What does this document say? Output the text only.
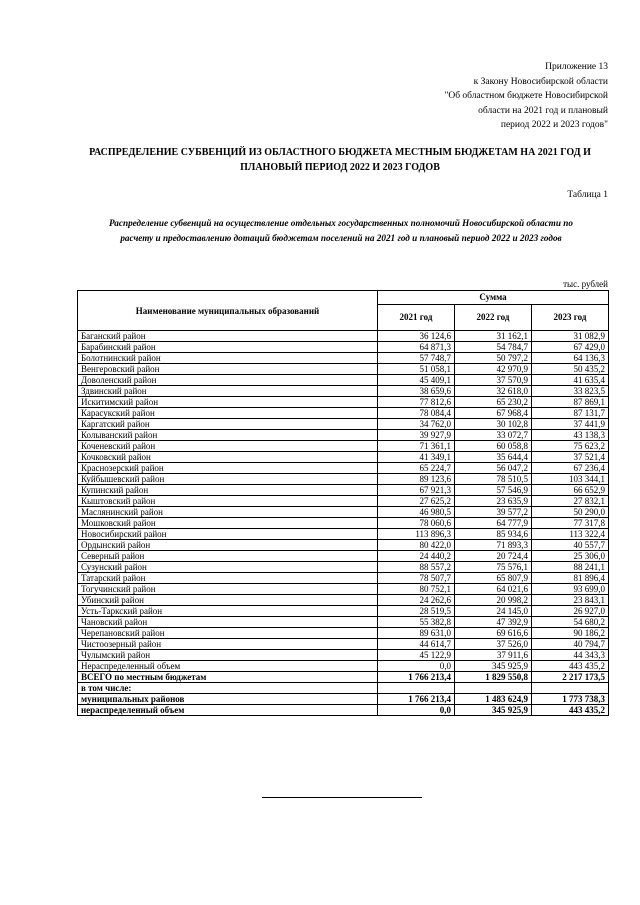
Приложение 13
к Закону Новосибирской области
"Об областном бюджете Новосибирской
области на 2021 год и плановый
период 2022 и 2023 годов"
РАСПРЕДЕЛЕНИЕ СУБВЕНЦИЙ ИЗ ОБЛАСТНОГО БЮДЖЕТА МЕСТНЫМ БЮДЖЕТАМ НА 2021 ГОД И
ПЛАНОВЫЙ ПЕРИОД 2022 И 2023 ГОДОВ
Таблица 1
Распределение субвенций на осуществление отдельных государственных полномочий Новосибирской области по
расчету и предоставлению дотаций бюджетам поселений на 2021 год и плановый период 2022 и 2023 годов
тыс. рублей
Наименование муниципальных образований	Сумма		
	2021 год	2022 год	2023 год
Баганский район	36 124,6	31 162,1	31 082,9
Барабинский район	64 871,3	54 784,7	67 429,0
Болотнинский район	57 748,7	50 797,2	64 136,3
Венгеровский район	51 058,1	42 970,9	50 435,2
Доволенский район	45 409,1	37 570,9	41 635,4
Здвинский район	38 659,6	32 618,0	33 823,5
Искитимский район	77 812,6	65 230,2	87 869,1
Карасукский район	78 084,4	67 968,4	87 131,7
Каргатский район	34 762,0	30 102,8	37 441,9
Колыванский район	39 927,9	33 072,7	43 138,3
Коченевский район	71 361,1	60 058,8	75 623,2
Кочковский район	41 349,1	35 644,4	37 521,4
Краснозерский район	65 224,7	56 047,2	67 236,4
Куйбышевский район	89 123,6	78 510,5	103 344,1
Купинский район	67 921,3	57 546,9	66 652,9
Кыштовский район	27 625,2	23 635,9	27 832,1
Маслянинский район	46 980,5	39 577,2	50 290,0
Мошковский район	78 060,6	64 777,9	77 317,8
Новосибирский район	113 896,3	85 934,6	113 322,4
Ордынский район	80 422,0	71 893,3	40 557,7
Северный район	24 440,2	20 724,4	25 306,0
Сузунский район	88 557,2	75 576,1	88 241,1
Татарский район	78 507,7	65 807,9	81 896,4
Тогучинский район	80 752,1	64 021,6	93 699,0
Убинский район	24 262,6	20 998,2	23 843,1
Усть-Таркский район	28 519,5	24 145,0	26 927,0
Чановский район	55 382,8	47 392,9	54 680,2
Черепановский район	89 631,0	69 616,6	90 186,2
Чистоозерный район	44 614,7	37 526,0	40 794,7
Чулымский район	45 122,9	37 911,6	44 343,3
Нераспределенный объем	0,0	345 925,9	443 435,2
ВСЕГО по местным бюджетам	1 766 213,4	1 829 550,8	2 217 173,5
в том числе:			
муниципальных районов	1 766 213,4	1 483 624,9	1 773 738,3
нераспределенный объем	0,0	345 925,9	443 435,2
